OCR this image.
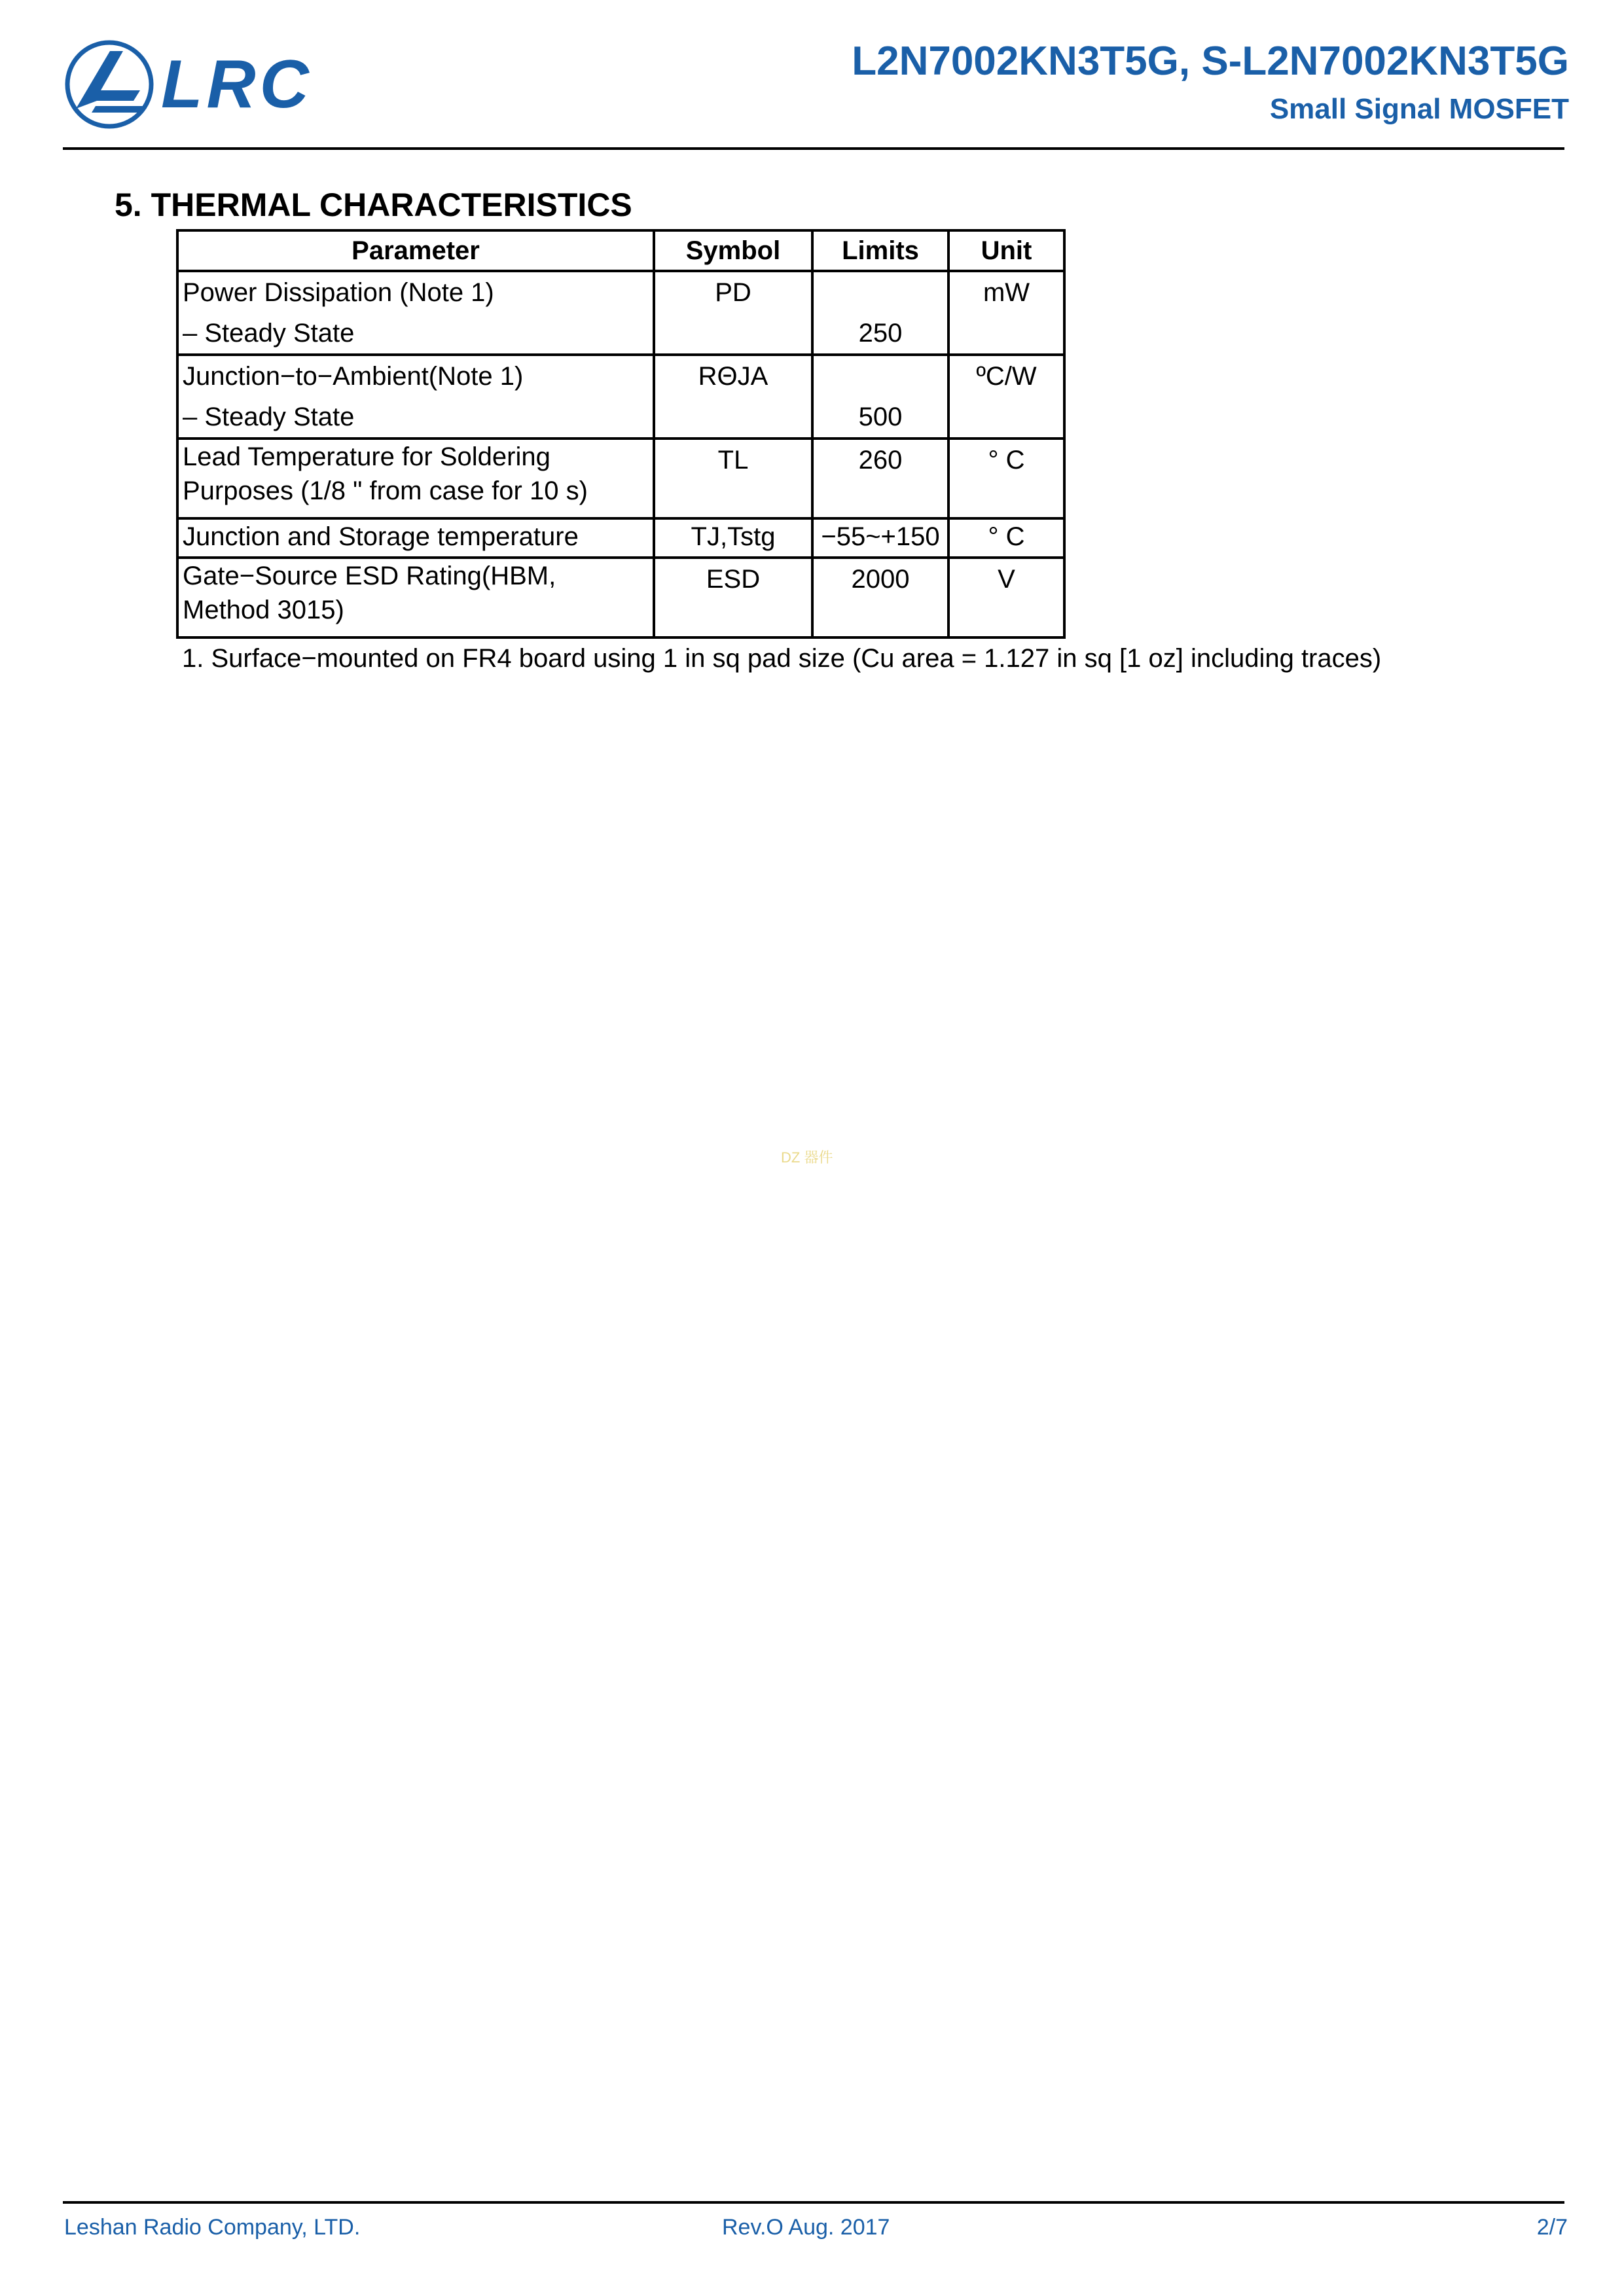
LRC	L2N7002KN3T5G, S-L2N7002KN3T5G
Small Signal MOSFET
5. THERMAL CHARACTERISTICS
Parameter	Symbol	Limits	Unit

Power Dissipation (Note 1)
– Steady State	PD	250	mW

Junction−to−Ambient(Note 1)
– Steady State	RΘJA	500	ºC/W

Lead Temperature for Soldering
Purposes (1/8 " from case for 10 s)	TL	260	° C

Junction and Storage temperature	TJ,Tstg	−55~+150	° C

Gate−Source ESD Rating(HBM,
Method 3015)	ESD	2000	V
1. Surface−mounted on FR4 board using 1 in sq pad size (Cu area = 1.127 in sq [1 oz] including traces)
DZ 器件
Leshan Radio Company, LTD.	Rev.O Aug. 2017	2/7
